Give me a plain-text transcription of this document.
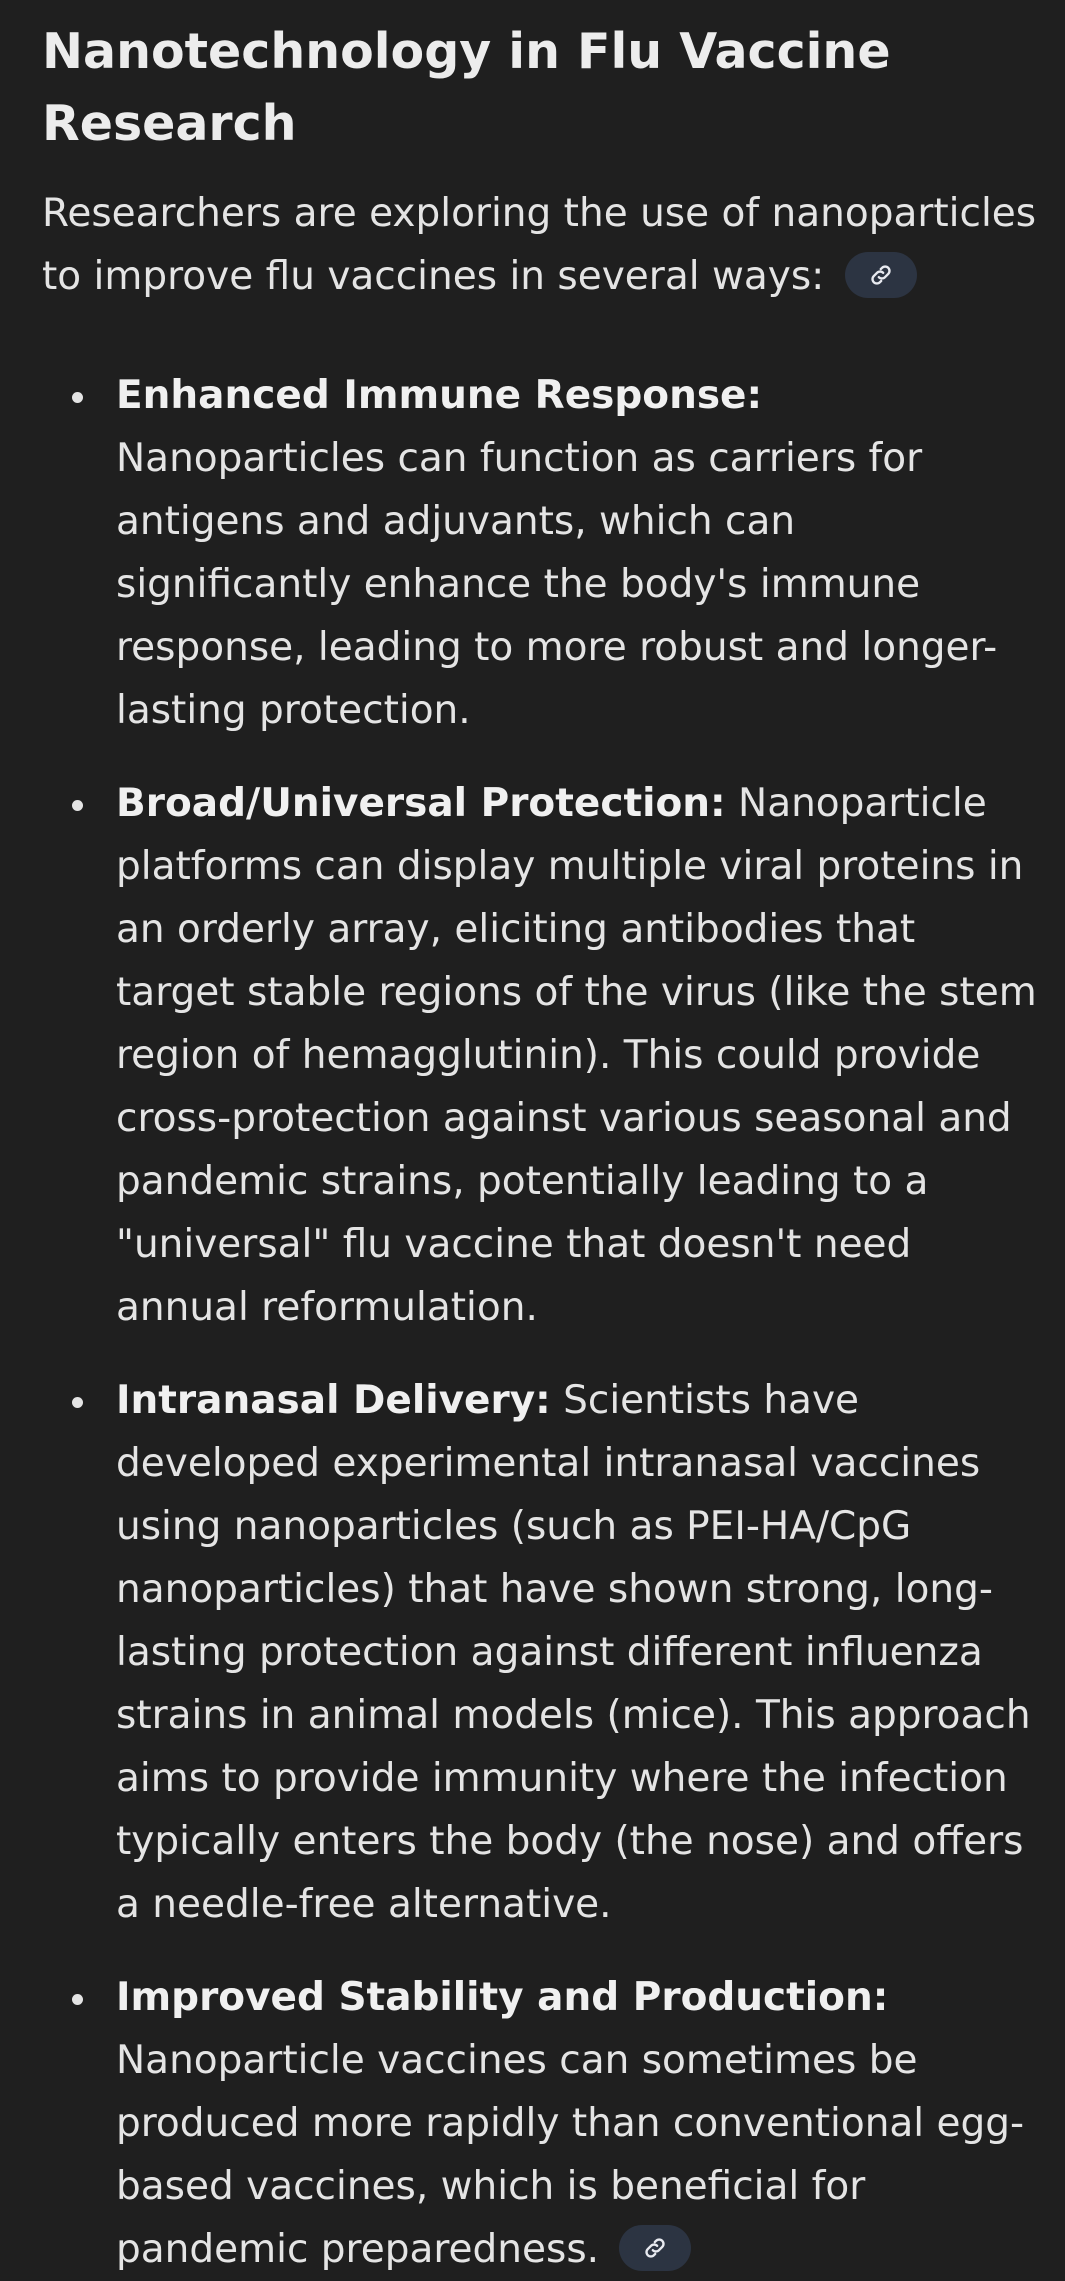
Nanotechnology in Flu Vaccine Research

Researchers are exploring the use of nanoparticles to improve flu vaccines in several ways:

Enhanced Immune Response: Nanoparticles can function as carriers for antigens and adjuvants, which can significantly enhance the body's immune response, leading to more robust and longer-lasting protection.
Broad/Universal Protection: Nanoparticle platforms can display multiple viral proteins in an orderly array, eliciting antibodies that target stable regions of the virus (like the stem region of hemagglutinin). This could provide cross-protection against various seasonal and pandemic strains, potentially leading to a "universal" flu vaccine that doesn't need annual reformulation.
Intranasal Delivery: Scientists have developed experimental intranasal vaccines using nanoparticles (such as PEI-HA/CpG nanoparticles) that have shown strong, long-lasting protection against different influenza strains in animal models (mice). This approach aims to provide immunity where the infection typically enters the body (the nose) and offers a needle-free alternative.
Improved Stability and Production: Nanoparticle vaccines can sometimes be produced more rapidly than conventional egg-based vaccines, which is beneficial for pandemic preparedness.
